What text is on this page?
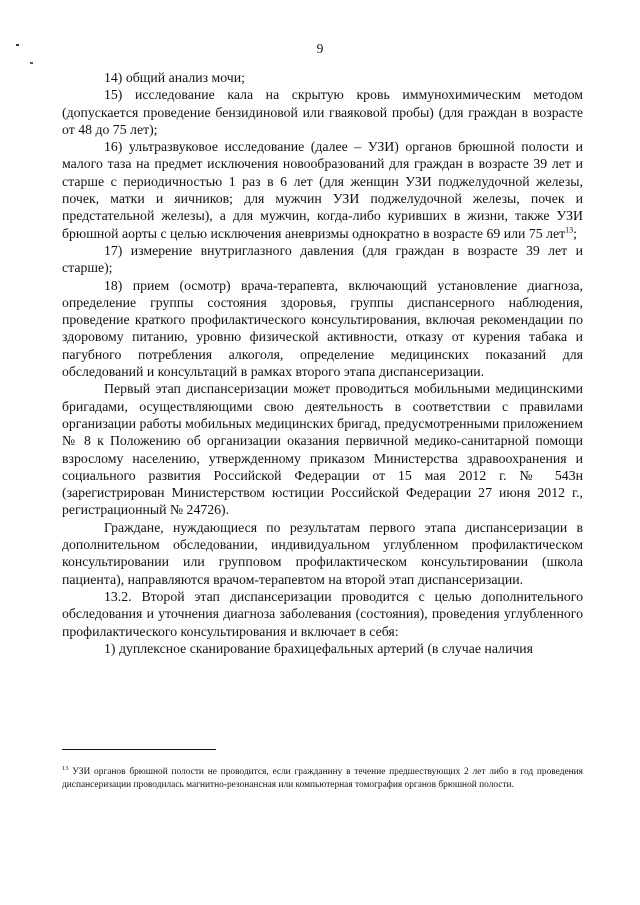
9

14) общий анализ мочи;

15) исследование кала на скрытую кровь иммунохимическим методом (допускается проведение бензидиновой или гваяковой пробы) (для граждан в возрасте от 48 до 75 лет);

16) ультразвуковое исследование (далее – УЗИ) органов брюшной полости и малого таза на предмет исключения новообразований для граждан в возрасте 39 лет и старше с периодичностью 1 раз в 6 лет (для женщин УЗИ поджелудочной железы, почек, матки и яичников; для мужчин УЗИ поджелудочной железы, почек и предстательной железы), а для мужчин, когда-либо куривших в жизни, также УЗИ брюшной аорты с целью исключения аневризмы однократно в возрасте 69 или 75 лет$^{13}$;

17) измерение внутриглазного давления (для граждан в возрасте 39 лет и старше);

18) прием (осмотр) врача-терапевта, включающий установление диагноза, определение группы состояния здоровья, группы диспансерного наблюдения, проведение краткого профилактического консультирования, включая рекомендации по здоровому питанию, уровню физической активности, отказу от курения табака и пагубного потребления алкоголя, определение медицинских показаний для обследований и консультаций в рамках второго этапа диспансеризации.

Первый этап диспансеризации может проводиться мобильными медицинскими бригадами, осуществляющими свою деятельность в соответствии с правилами организации работы мобильных медицинских бригад, предусмотренными приложением № 8 к Положению об организации оказания первичной медико-санитарной помощи взрослому населению, утвержденному приказом Министерства здравоохранения и социального развития Российской Федерации от 15 мая 2012 г. № 543н (зарегистрирован Министерством юстиции Российской Федерации 27 июня 2012 г., регистрационный № 24726).

Граждане, нуждающиеся по результатам первого этапа диспансеризации в дополнительном обследовании, индивидуальном углубленном профилактическом консультировании или групповом профилактическом консультировании (школа пациента), направляются врачом-терапевтом на второй этап диспансеризации.

13.2. Второй этап диспансеризации проводится с целью дополнительного обследования и уточнения диагноза заболевания (состояния), проведения углубленного профилактического консультирования и включает в себя:

1) дуплексное сканирование брахицефальных артерий (в случае наличия

$^{13}$ УЗИ органов брюшной полости не проводится, если гражданину в течение предшествующих 2 лет либо в год проведения диспансеризации проводилась магнитно-резонансная или компьютерная томография органов брюшной полости.
